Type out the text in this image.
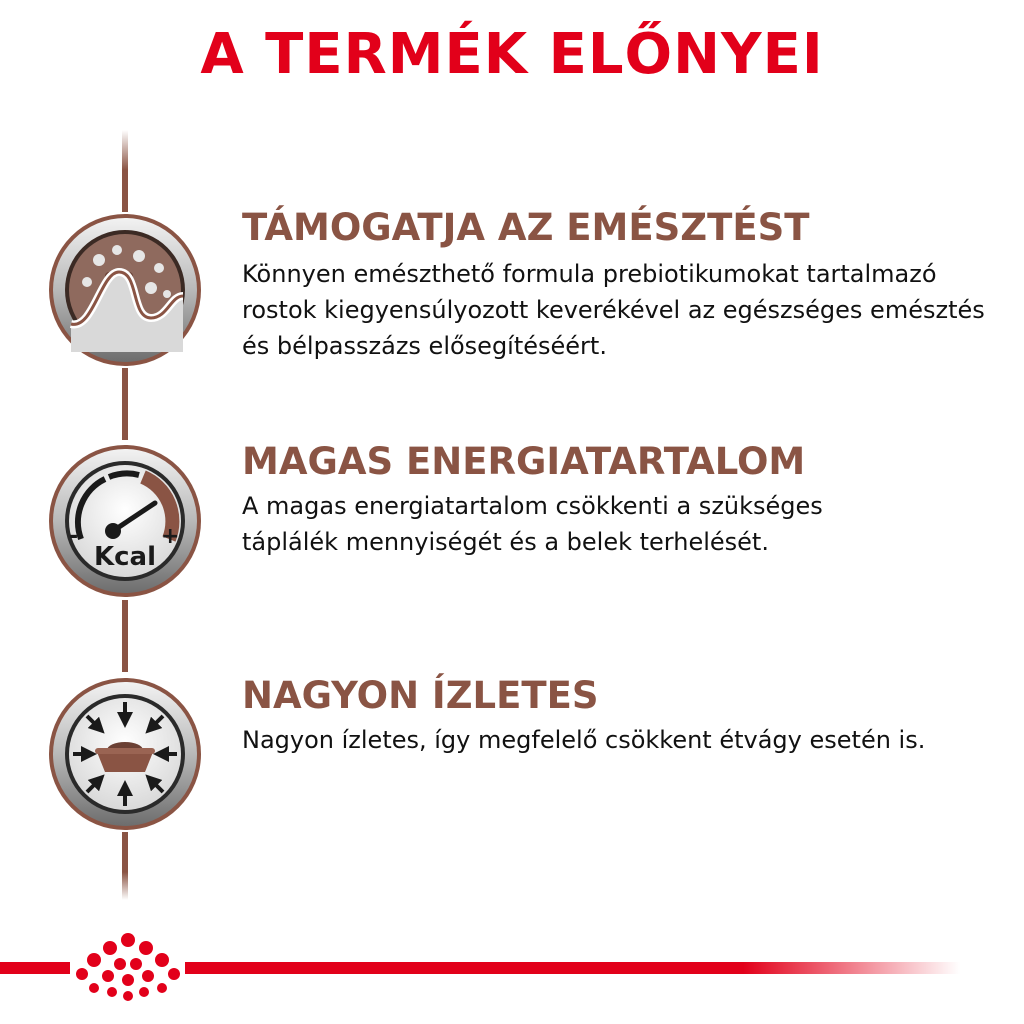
A TERMÉK ELŐNYEI
TÁMOGATJA AZ EMÉSZTÉST

Könnyen emészthető formula prebiotikumokat tartalmazó
rostok kiegyensúlyozott keverékével az egészséges emésztés
és bélpasszázs elősegítéséért.

-	+
Kcal
MAGAS ENERGIATARTALOM

A magas energiatartalom csökkenti a szükséges
táplálék mennyiségét és a belek terhelését.

NAGYON ÍZLETES

Nagyon ízletes, így megfelelő csökkent étvágy esetén is.
